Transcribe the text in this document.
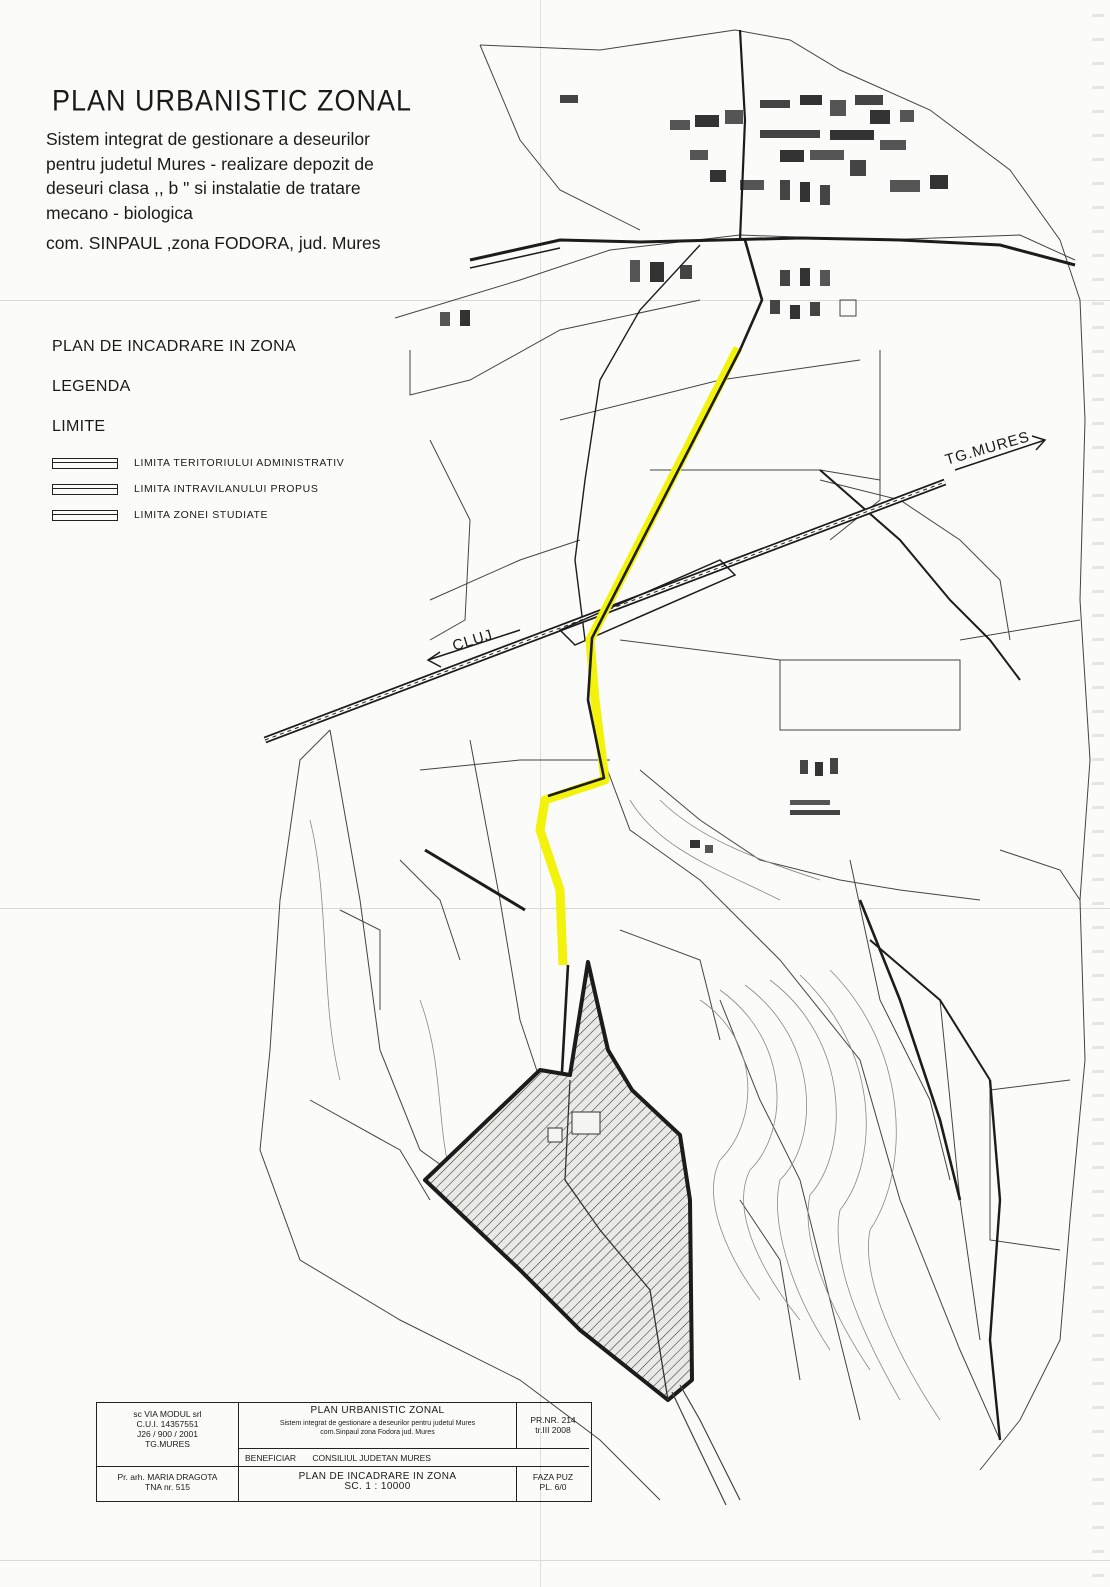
PLAN URBANISTIC ZONAL

Sistem integrat de gestionare a deseurilor

pentru judetul Mures - realizare depozit de

deseuri clasa ,, b " si instalatie de tratare

mecano - biologica

com. SINPAUL ,zona FODORA, jud. Mures

PLAN DE INCADRARE IN ZONA

LEGENDA

LIMITE

LIMITA TERITORIULUI ADMINISTRATIV
LIMITA INTRAVILANULUI PROPUS
LIMITA ZONEI STUDIATE
TG.MURES
CLUJ
sc VIA MODUL srl
C.U.I. 14357551
J26 / 900 / 2001
TG.MURES
PLAN URBANISTIC ZONAL
Sistem integrat de gestionare a deseurilor pentru judetul Mures
com.Sinpaul zona Fodora jud. Mures
PR.NR. 214
tr.III 2008
BENEFICIAR CONSILIUL JUDETAN MURES
Pr. arh. MARIA DRAGOTA
TNA nr. 515
PLAN DE INCADRARE IN ZONA
SC. 1 : 10000
FAZA PUZ
PL. 6/0
